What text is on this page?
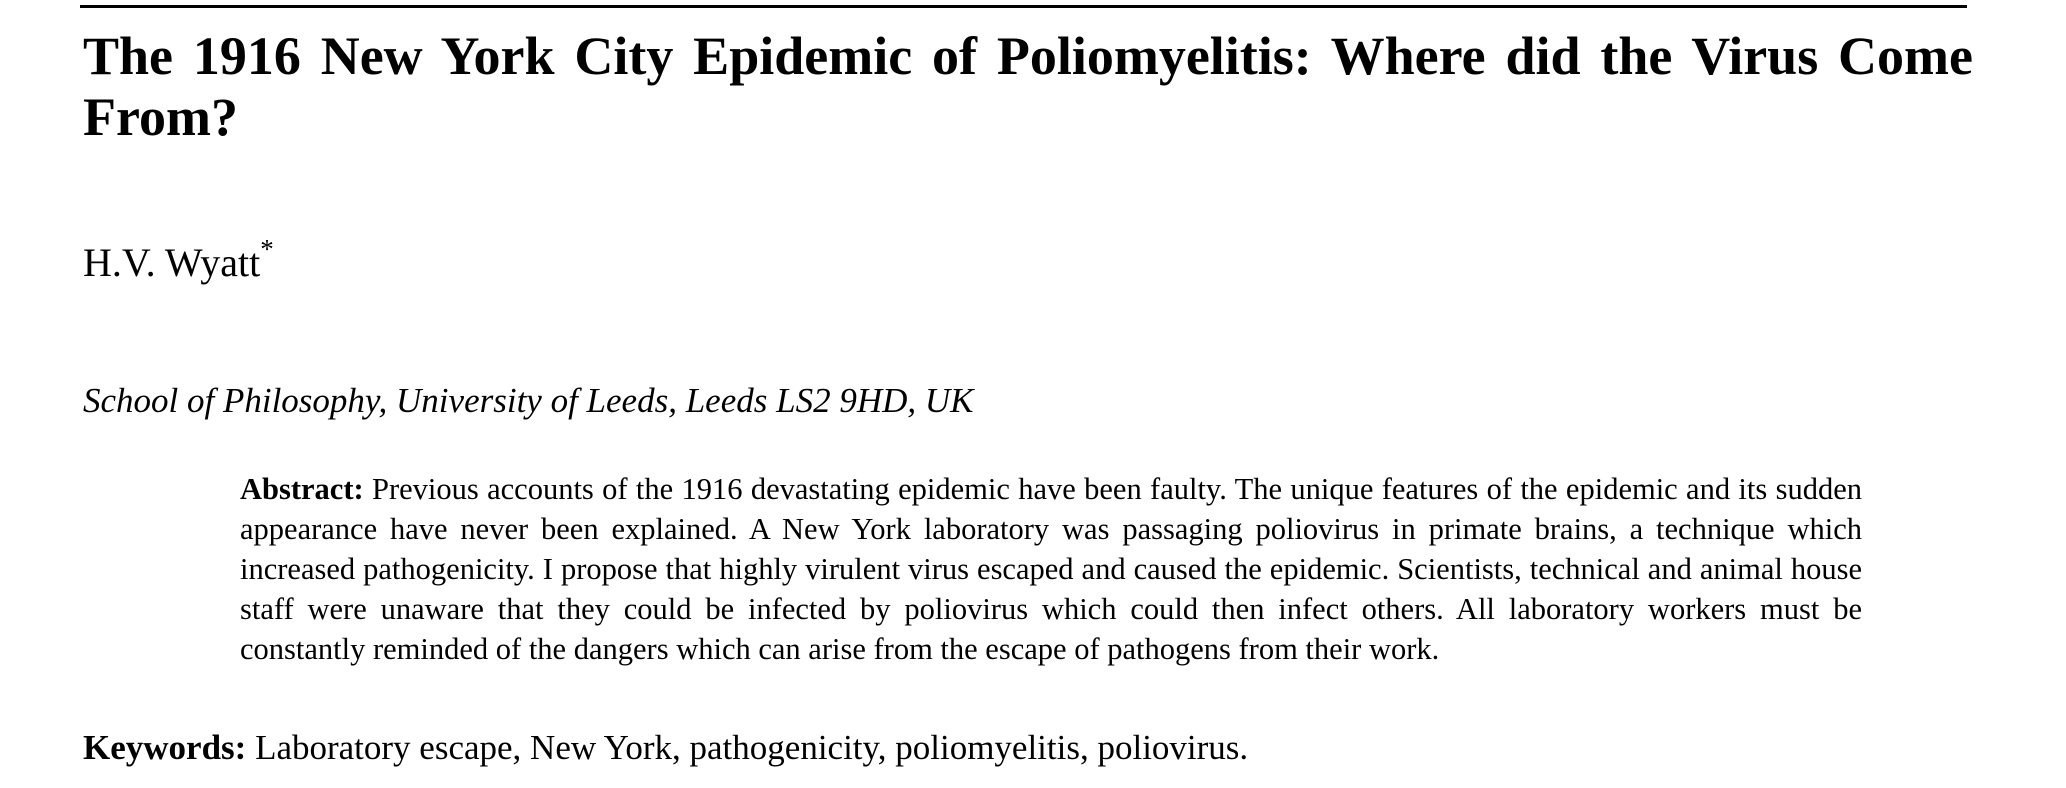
The 1916 New York City Epidemic of Poliomyelitis: Where did the Virus Come From?

H.V. Wyatt*

School of Philosophy, University of Leeds, Leeds LS2 9HD, UK

Abstract: Previous accounts of the 1916 devastating epidemic have been faulty. The unique features of the epidemic and its sudden appearance have never been explained. A New York laboratory was passaging poliovirus in primate brains, a technique which increased pathogenicity. I propose that highly virulent virus escaped and caused the epidemic. Scientists, technical and animal house staff were unaware that they could be infected by poliovirus which could then infect others. All laboratory workers must be constantly reminded of the dangers which can arise from the escape of pathogens from their work.

Keywords: Laboratory escape, New York, pathogenicity, poliomyelitis, poliovirus.
